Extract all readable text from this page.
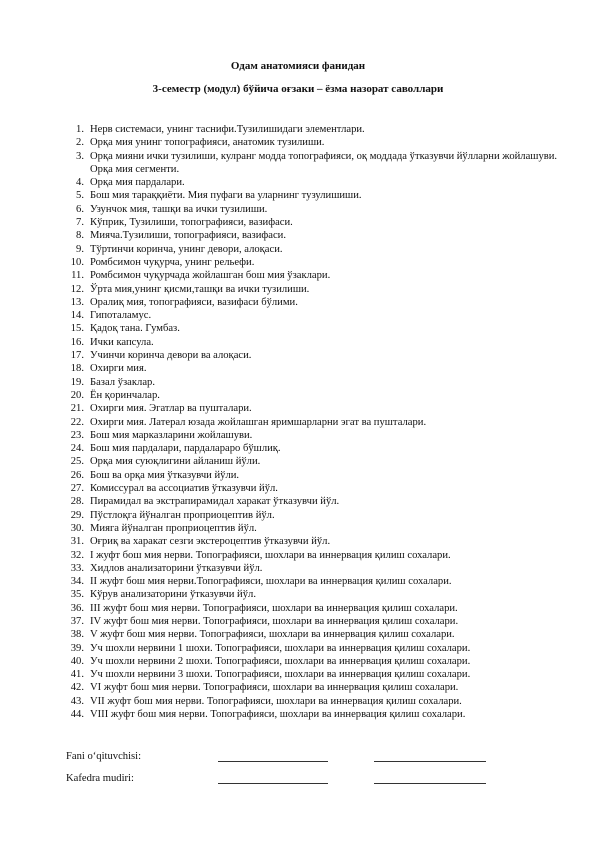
Одам анатомияси фанидан
3-семестр (модул) бўйича оғзаки – ёзма назорат саволлари
1. Нерв системаси, унинг таснифи.Тузилишидаги элементлари.
2. Орқа мия унинг топографияси, анатомик тузилиши.
3. Орқа мияни ички тузилиши, кулранг модда топографияси, оқ моддада ўтказувчи йўлларни жойлашуви. Орқа мия сегменти.
4. Орқа мия пардалари.
5. Бош мия тараққиёти. Мия пуфаги ва уларнинг тузулишиши.
6. Узунчок мия, ташқи ва ички тузилиши.
7. Кўприк, Тузилиши, топографияси, вазифаси.
8. Мияча.Тузилиши, топографияси, вазифаси.
9. Тўртинчи коринча, унинг девори, алоқаси.
10. Ромбсимон чуқурча, унинг рельефи.
11. Ромбсимон чуқурчада жойлашган бош мия ўзаклари.
12. Ўрта мия,унинг қисми,ташқи ва ички тузилиши.
13. Оралиқ мия, топографияси, вазифаси бўлими.
14. Гипоталамус.
15. Қадоқ тана. Гумбаз.
16. Ички капсула.
17. Учинчи коринча девори ва алоқаси.
18. Охирги мия.
19. Базал ўзаклар.
20. Ён қоринчалар.
21. Охирги мия. Эгатлар ва пушталари.
22. Охирги мия. Латерал юзада жойлашган яримшарларни эгат ва пушталари.
23. Бош мия марказларини жойлашуви.
24. Бош мия пардалари, пардалараро бўшлиқ.
25. Орқа мия суюқлигини айланиш йўли.
26. Бош ва орқа мия ўтказувчи йўли.
27. Комиссурал ва ассоциатив ўтказувчи йўл.
28. Пирамидал ва экстрапирамидал харакат ўтказувчи йўл.
29. Пўстлоқга йўналган проприоцептив йўл.
30. Мияга йўналган проприоцептив йўл.
31. Оғриқ ва харакат сезги экстероцептив ўтказувчи йўл.
32. I жуфт бош мия нерви. Топографияси, шохлари ва иннервация қилиш сохалари.
33. Хидлов анализаторини ўтказувчи йўл.
34. II жуфт бош мия нерви.Топографияси, шохлари ва иннервация қилиш сохалари.
35. Кўрув анализаторини ўтказувчи йўл.
36. III жуфт бош мия нерви. Топографияси, шохлари ва иннервация қилиш сохалари.
37. IV жуфт бош мия нерви. Топографияси, шохлари ва иннервация қилиш сохалари.
38. V жуфт бош мия нерви. Топографияси, шохлари ва иннервация қилиш сохалари.
39. Уч шохли нервини 1 шохи. Топографияси, шохлари ва иннервация қилиш сохалари.
40. Уч шохли нервини 2 шохи. Топографияси, шохлари ва иннервация қилиш сохалари.
41. Уч шохли нервини 3 шохи. Топографияси, шохлари ва иннервация қилиш сохалари.
42. VI жуфт бош мия нерви. Топографияси, шохлари ва иннервация қилиш сохалари.
43. VII жуфт бош мия нерви. Топографияси, шохлари ва иннервация қилиш сохалари.
44. VIII жуфт бош мия нерви. Топографияси, шохлари ва иннервация қилиш сохалари.
Fani o‘qituvchisi:
Kafedra mudiri:
